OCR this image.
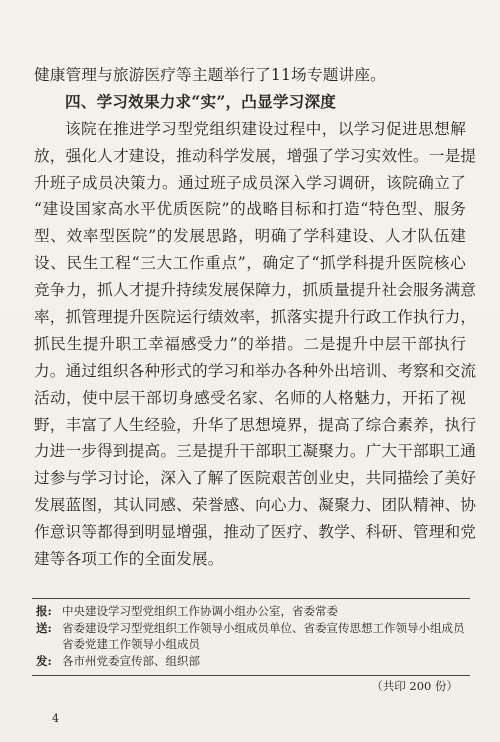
健康管理与旅游医疗等主题举行了11场专题讲座。
四、学习效果力求“实”，凸显学习深度
该院在推进学习型党组织建设过程中，以学习促进思想解
放，强化人才建设，推动科学发展，增强了学习实效性。一是提
升班子成员决策力。通过班子成员深入学习调研，该院确立了
“建设国家高水平优质医院”的战略目标和打造“特色型、服务
型、效率型医院”的发展思路，明确了学科建设、人才队伍建
设、民生工程“三大工作重点”，确定了“抓学科提升医院核心
竞争力，抓人才提升持续发展保障力，抓质量提升社会服务满意
率，抓管理提升医院运行绩效率，抓落实提升行政工作执行力，
抓民生提升职工幸福感受力”的举措。二是提升中层干部执行
力。通过组织各种形式的学习和举办各种外出培训、考察和交流
活动，使中层干部切身感受名家、名师的人格魅力，开拓了视
野，丰富了人生经验，升华了思想境界，提高了综合素养，执行
力进一步得到提高。三是提升干部职工凝聚力。广大干部职工通
过参与学习讨论，深入了解了医院艰苦创业史，共同描绘了美好
发展蓝图，其认同感、荣誉感、向心力、凝聚力、团队精神、协
作意识等都得到明显增强，推动了医疗、教学、科研、管理和党
建等各项工作的全面发展。
报: 中央建设学习型党组织工作协调小组办公室，省委常委
送: 省委建设学习型党组织工作领导小组成员单位、省委宣传思想工作领导小组成员
省委党建工作领导小组成员
发: 各市州党委宣传部、组织部
（共印 200 份）
4
